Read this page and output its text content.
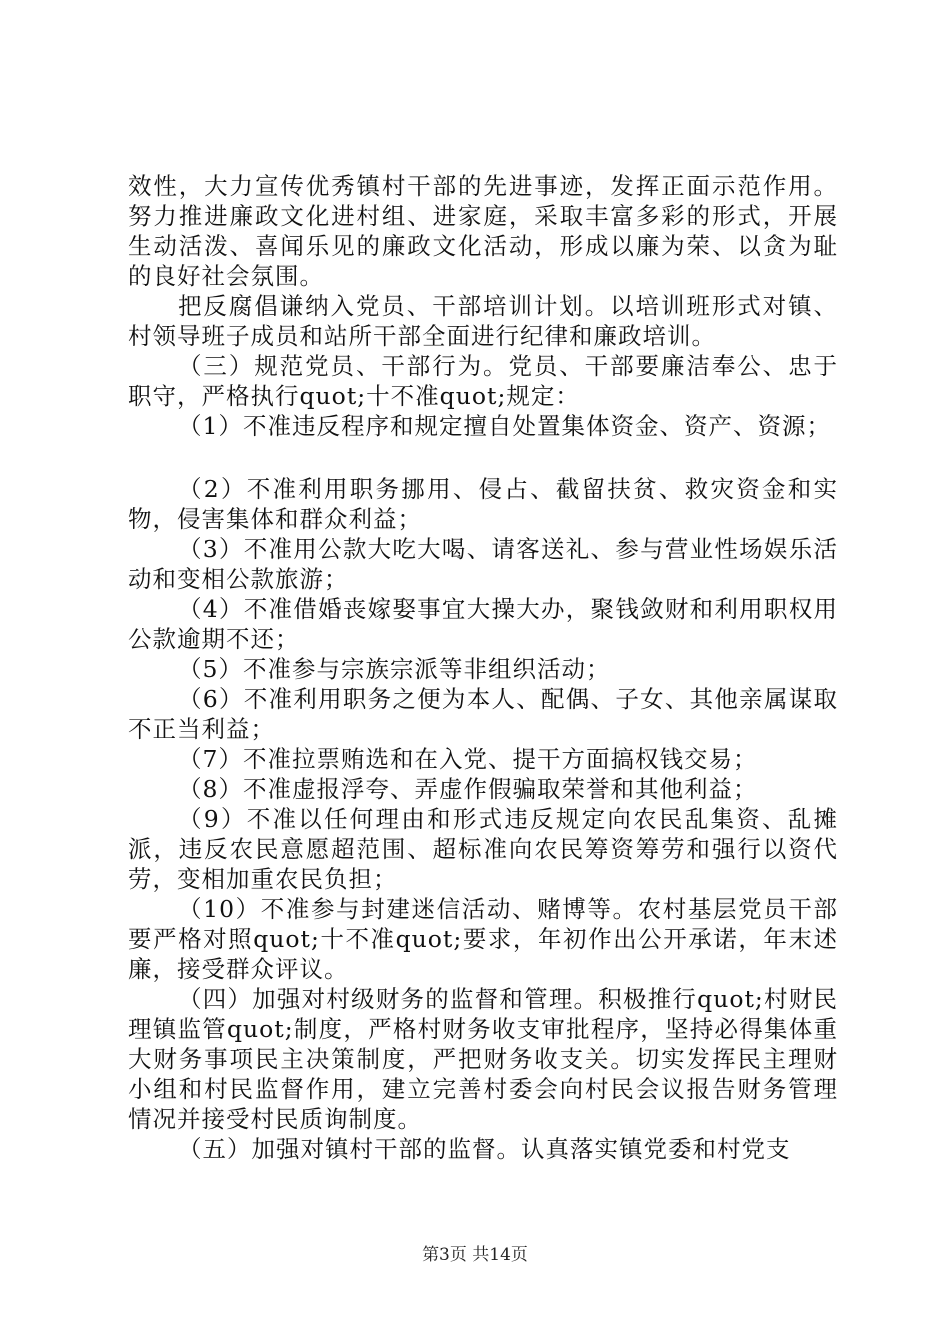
效性，大力宣传优秀镇村干部的先进事迹，发挥正面示范作用。努力推进廉政文化进村组、进家庭，采取丰富多彩的形式，开展生动活泼、喜闻乐见的廉政文化活动，形成以廉为荣、以贪为耻的良好社会氛围。

把反腐倡谦纳入党员、干部培训计划。以培训班形式对镇、村领导班子成员和站所干部全面进行纪律和廉政培训。

（三）规范党员、干部行为。党员、干部要廉洁奉公、忠于职守，严格执行quot;十不准quot;规定：

（1）不准违反程序和规定擅自处置集体资金、资产、资源；

（2）不准利用职务挪用、侵占、截留扶贫、救灾资金和实物，侵害集体和群众利益；

（3）不准用公款大吃大喝、请客送礼、参与营业性场娱乐活动和变相公款旅游；

（4）不准借婚丧嫁娶事宜大操大办，聚钱敛财和利用职权用公款逾期不还；

（5）不准参与宗族宗派等非组织活动；

（6）不准利用职务之便为本人、配偶、子女、其他亲属谋取不正当利益；

（7）不准拉票贿选和在入党、提干方面搞权钱交易；

（8）不准虚报浮夸、弄虚作假骗取荣誉和其他利益；

（9）不准以任何理由和形式违反规定向农民乱集资、乱摊派，违反农民意愿超范围、超标准向农民筹资筹劳和强行以资代劳，变相加重农民负担；

（10）不准参与封建迷信活动、赌博等。农村基层党员干部要严格对照quot;十不准quot;要求，年初作出公开承诺，年末述廉，接受群众评议。

（四）加强对村级财务的监督和管理。积极推行quot;村财民理镇监管quot;制度，严格村财务收支审批程序，坚持必得集体重大财务事项民主决策制度，严把财务收支关。切实发挥民主理财小组和村民监督作用，建立完善村委会向村民会议报告财务管理情况并接受村民质询制度。

（五）加强对镇村干部的监督。认真落实镇党委和村党支

第3页 共14页
